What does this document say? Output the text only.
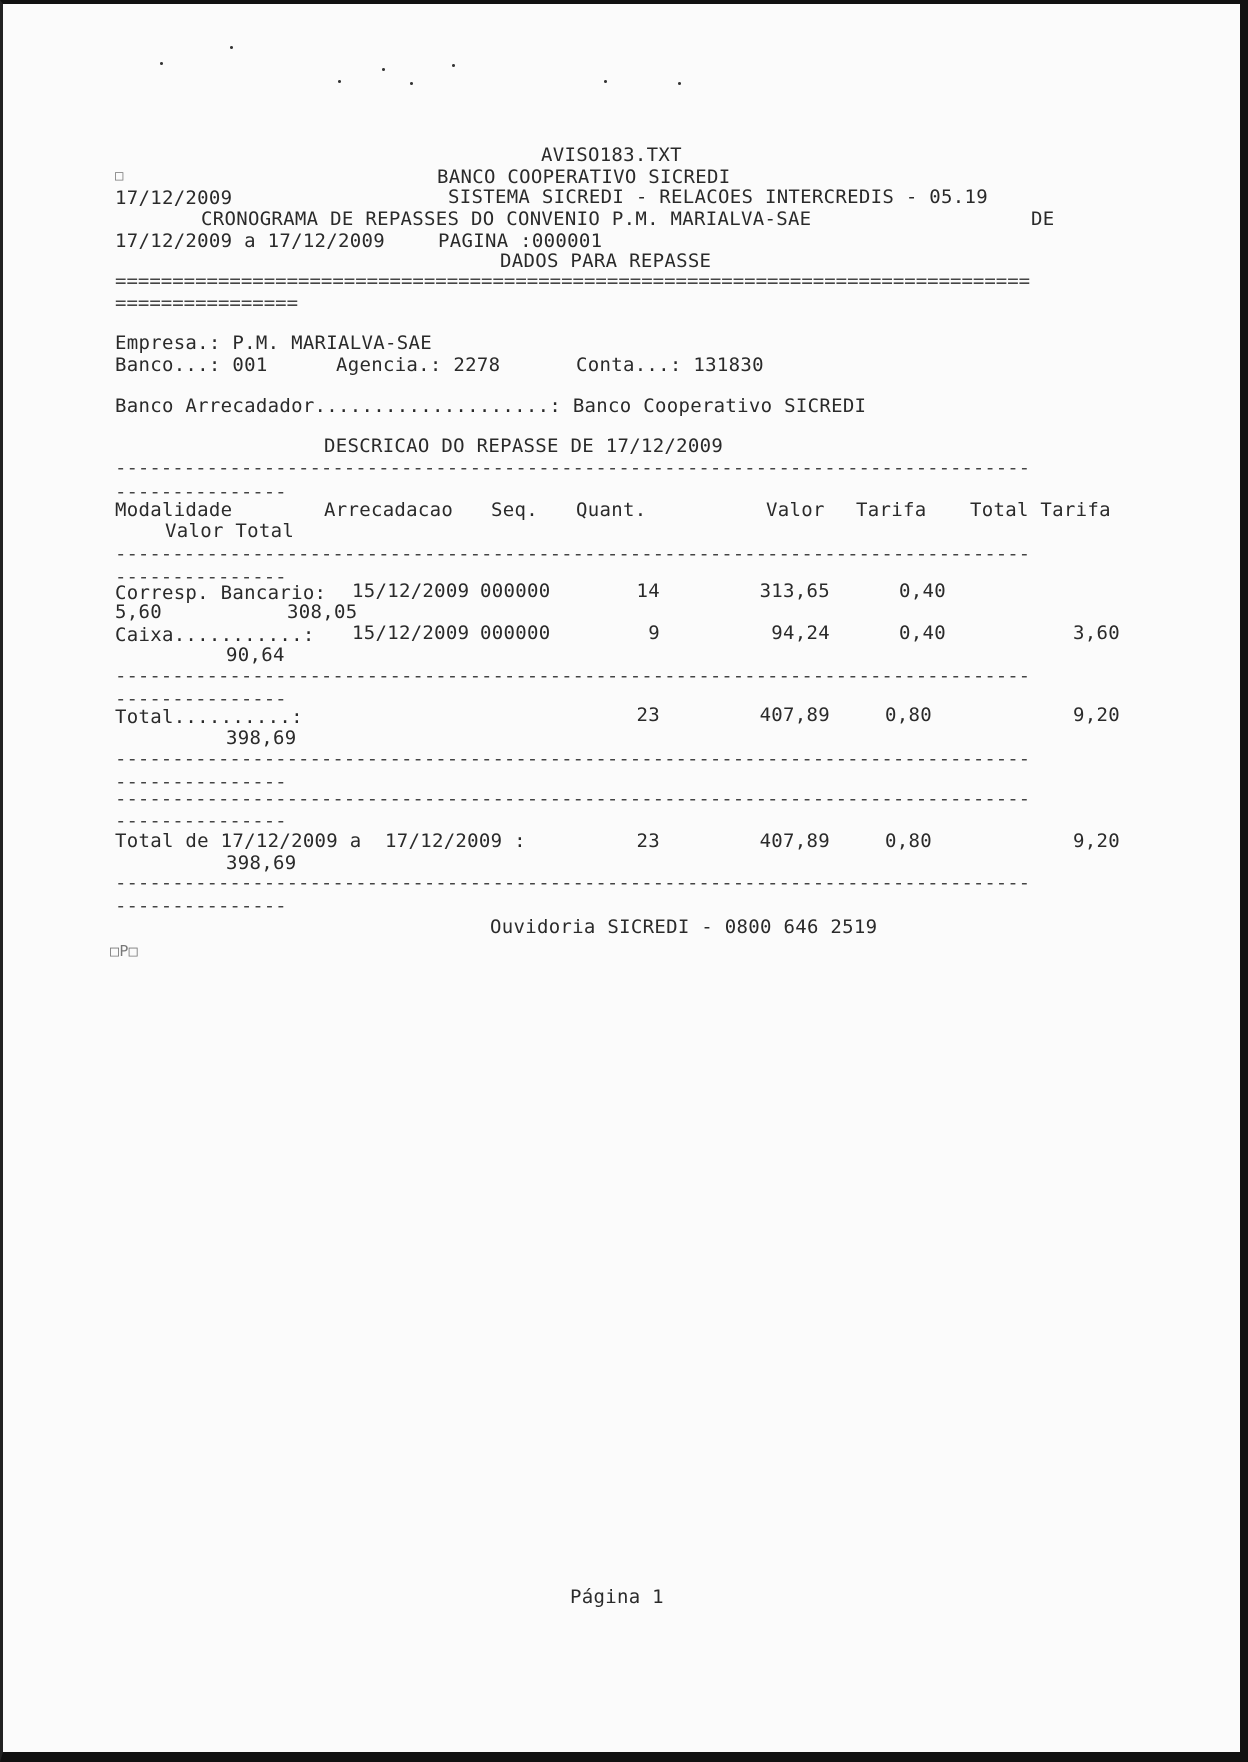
AVISO183.TXT
□	BANCO COOPERATIVO SICREDI
17/12/2009	SISTEMA SICREDI - RELACOES INTERCREDIS - 05.19
CRONOGRAMA DE REPASSES DO CONVENIO P.M. MARIALVA-SAE	DE
17/12/2009 a 17/12/2009	PAGINA :000001
DADOS PARA REPASSE
================================================================================
================
Empresa.: P.M. MARIALVA-SAE
Banco...: 001	Agencia.: 2278	Conta...: 131830
Banco Arrecadador....................: Banco Cooperativo SICREDI
DESCRICAO DO REPASSE DE 17/12/2009
--------------------------------------------------------------------------------
---------------
Modalidade	Arrecadacao Seq. Quant.	Valor Tarifa Total Tarifa
Valor Total
--------------------------------------------------------------------------------
---------------
Corresp. Bancario: 15/12/2009 000000	14	313,65	0,40
5,60	308,05
Caixa...........: 15/12/2009 000000	9	94,24	0,40	3,60
90,64
--------------------------------------------------------------------------------
---------------
Total..........:	23	407,89	0,80	9,20
398,69
--------------------------------------------------------------------------------
---------------
--------------------------------------------------------------------------------
---------------
Total de 17/12/2009 a  17/12/2009 :	23	407,89	0,80	9,20
398,69
--------------------------------------------------------------------------------
---------------
Ouvidoria SICREDI - 0800 646 2519
□P□
Página 1
